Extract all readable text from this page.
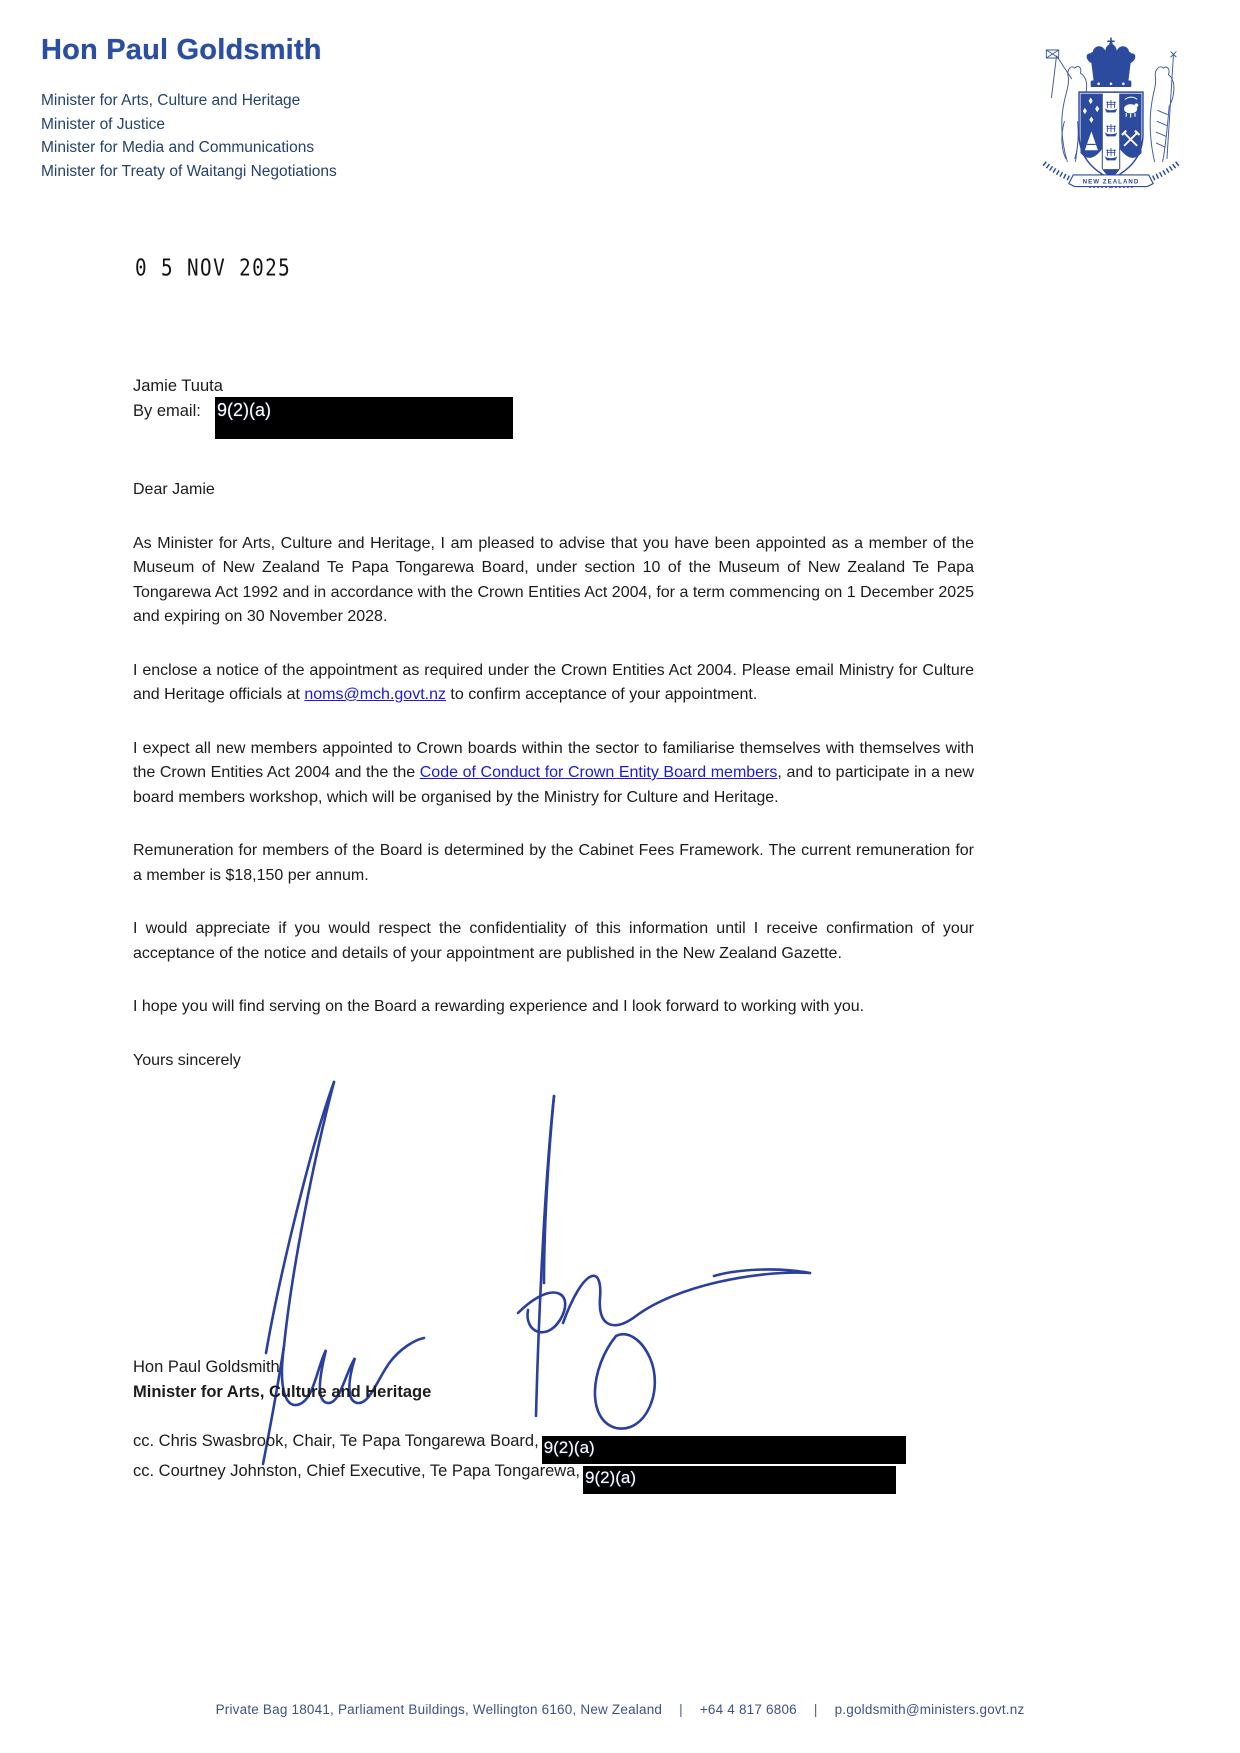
Hon Paul Goldsmith
Minister for Arts, Culture and Heritage
Minister of Justice
Minister for Media and Communications
Minister for Treaty of Waitangi Negotiations
NEW ZEALAND
0 5 NOV 2025
Jamie Tuuta
By email: 9(2)(a)

Dear Jamie

As Minister for Arts, Culture and Heritage, I am pleased to advise that you have been appointed as a member of the Museum of New Zealand Te Papa Tongarewa Board, under section 10 of the Museum of New Zealand Te Papa Tongarewa Act 1992 and in accordance with the Crown Entities Act 2004, for a term commencing on 1 December 2025 and expiring on 30 November 2028.

I enclose a notice of the appointment as required under the Crown Entities Act 2004. Please email Ministry for Culture and Heritage officials at noms@mch.govt.nz to confirm acceptance of your appointment.

I expect all new members appointed to Crown boards within the sector to familiarise themselves with themselves with the Crown Entities Act 2004 and the the Code of Conduct for Crown Entity Board members, and to participate in a new board members workshop, which will be organised by the Ministry for Culture and Heritage.

Remuneration for members of the Board is determined by the Cabinet Fees Framework. The current remuneration for a member is $18,150 per annum.

I would appreciate if you would respect the confidentiality of this information until I receive confirmation of your acceptance of the notice and details of your appointment are published in the New Zealand Gazette.

I hope you will find serving on the Board a rewarding experience and I look forward to working with you.

Yours sincerely

Hon Paul Goldsmith
Minister for Arts, Culture and Heritage
cc. Chris Swasbrook, Chair, Te Papa Tongarewa Board, 9(2)(a)
cc. Courtney Johnston, Chief Executive, Te Papa Tongarewa, 9(2)(a)
Private Bag 18041, Parliament Buildings, Wellington 6160, New Zealand | +64 4 817 6806 | p.goldsmith@ministers.govt.nz
